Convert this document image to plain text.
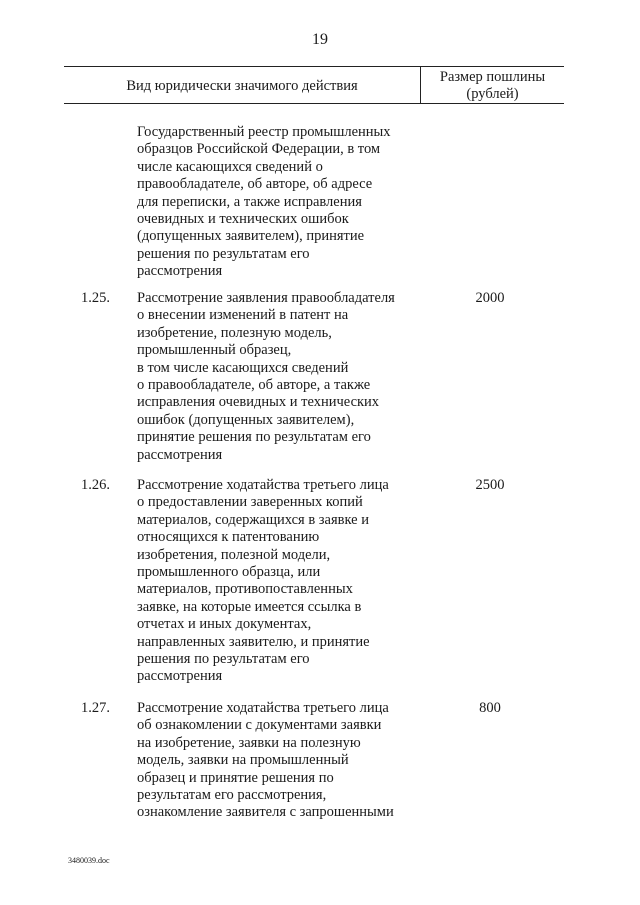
19
Вид юридически значимого действия
Размер пошлины
(рублей)
Государственный реестр промышленных
образцов Российской Федерации, в том
числе касающихся сведений о
правообладателе, об авторе, об адресе
для переписки, а также исправления
очевидных и технических ошибок
(допущенных заявителем), принятие
решения по результатам его
рассмотрения
1.25. Рассмотрение заявления правообладателя
о внесении изменений в патент на
изобретение, полезную модель,
промышленный образец,
в том числе касающихся сведений
о правообладателе, об авторе, а также
исправления очевидных и технических
ошибок (допущенных заявителем),
принятие решения по результатам его
рассмотрения
2000
1.26. Рассмотрение ходатайства третьего лица
о предоставлении заверенных копий
материалов, содержащихся в заявке и
относящихся к патентованию
изобретения, полезной модели,
промышленного образца, или
материалов, противопоставленных
заявке, на которые имеется ссылка в
отчетах и иных документах,
направленных заявителю, и принятие
решения по результатам его
рассмотрения
2500
1.27. Рассмотрение ходатайства третьего лица
об ознакомлении с документами заявки
на изобретение, заявки на полезную
модель, заявки на промышленный
образец и принятие решения по
результатам его рассмотрения,
ознакомление заявителя с запрошенными
800
3480039.doc
